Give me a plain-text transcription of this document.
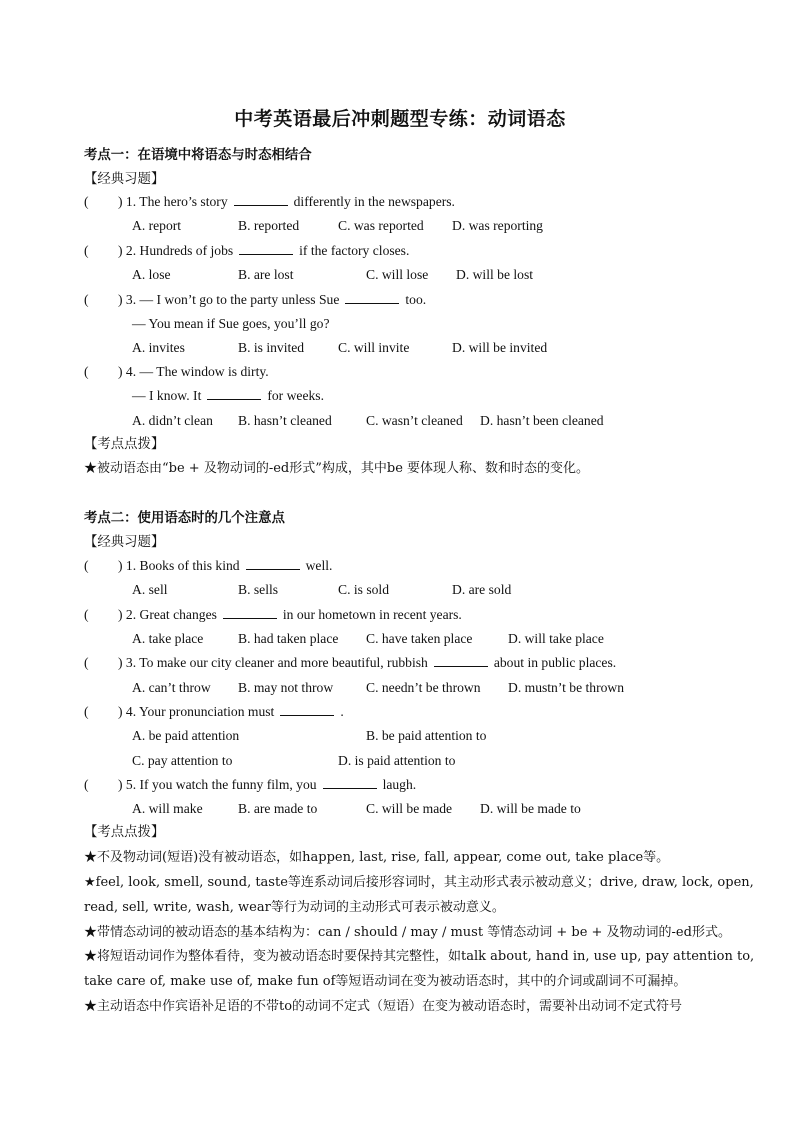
中考英语最后冲刺题型专练：动词语态
考点一：在语境中将语态与时态相结合
【经典习题】
( ) 1. The hero’s story	differently in the newspapers.
A. report	B. reported	C. was reported D. was reporting
( ) 2. Hundreds of jobs	if the factory closes.
A. lose	B. are lost	C. will lose D. will be lost
( ) 3. — I won’t go to the party unless Sue	too.
— You mean if Sue goes, you’ll go?
A. invites	B. is invited C. will invite	D. will be invited
( ) 4. — The window is dirty.
— I know. It	for weeks.
A. didn’t clean B. hasn’t cleaned	C. wasn’t cleaned D. hasn’t been cleaned
【考点点拨】
★被动语态由“be + 及物动词的-ed形式”构成，其中be 要体现人称、数和时态的变化。
考点二：使用语态时的几个注意点
【经典习题】
( ) 1. Books of this kind	well.
A. sell	B. sells	C. is sold	D. are sold
( ) 2. Great changes	in our hometown in recent years.
A. take place	B. had taken place C. have taken place	D. will take place
( ) 3. To make our city cleaner and more beautiful, rubbish	about in public places.
A. can’t throw B. may not throw C. needn’t be thrown D. mustn’t be thrown
( ) 4. Your pronunciation must	.
A. be paid attention	B. be paid attention to
C. pay attention to	D. is paid attention to
( ) 5. If you watch the funny film, you	laugh.
A. will make	B. are made to	C. will be made D. will be made to
【考点点拨】
★不及物动词(短语)没有被动语态，如happen, last, rise, fall, appear, come out, take place等。
★feel, look, smell, sound, taste等连系动词后接形容词时，其主动形式表示被动意义；drive, draw, lock, open,
read, sell, write, wash, wear等行为动词的主动形式可表示被动意义。
★带情态动词的被动语态的基本结构为：can / should / may / must 等情态动词 + be + 及物动词的-ed形式。
★将短语动词作为整体看待，变为被动语态时要保持其完整性，如talk about, hand in, use up, pay attention to,
take care of, make use of, make fun of等短语动词在变为被动语态时，其中的介词或副词不可漏掉。
★主动语态中作宾语补足语的不带to的动词不定式（短语）在变为被动语态时，需要补出动词不定式符号
